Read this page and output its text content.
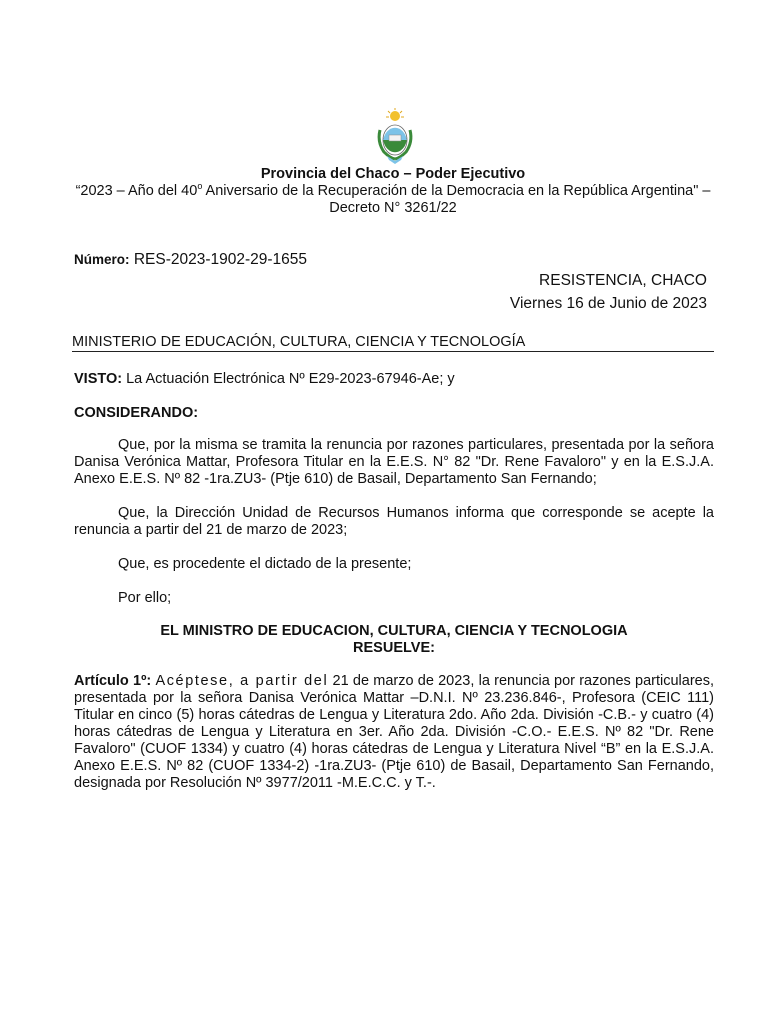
Provincia del Chaco – Poder Ejecutivo
“2023 – Año del 40$^o$ Aniversario de la Recuperación de la Democracia en la República Argentina" –Decreto N° 3261/22
Número: RES-2023-1902-29-1655
RESISTENCIA, CHACO
Viernes 16 de Junio de 2023
MINISTERIO DE EDUCACIÓN, CULTURA, CIENCIA Y TECNOLOGÍA
VISTO: La Actuación Electrónica Nº E29-2023-67946-Ae; y
CONSIDERANDO:

Que, por la misma se tramita la renuncia por razones particulares, presentada por la señora Danisa Verónica Mattar, Profesora Titular en la E.E.S. N° 82 "Dr. Rene Favaloro" y en la E.S.J.A. Anexo E.E.S. Nº 82 -1ra.ZU3- (Ptje 610) de Basail, Departamento San Fernando;

Que, la Dirección Unidad de Recursos Humanos informa que corresponde se acepte la renuncia a partir del 21 de marzo de 2023;

Que, es procedente el dictado de la presente;

Por ello;

EL MINISTRO DE EDUCACION, CULTURA, CIENCIA Y TECNOLOGIA
RESUELVE:

Artículo 1º: Acéptese, a partir del 21 de marzo de 2023, la renuncia por razones particulares, presentada por la señora Danisa Verónica Mattar –D.N.I. Nº 23.236.846-, Profesora (CEIC 111) Titular en cinco (5) horas cátedras de Lengua y Literatura 2do. Año 2da. División -C.B.- y cuatro (4) horas cátedras de Lengua y Literatura en 3er. Año 2da. División -C.O.- E.E.S. Nº 82 "Dr. Rene Favaloro" (CUOF 1334) y cuatro (4) horas cátedras de Lengua y Literatura Nivel “B” en la E.S.J.A. Anexo E.E.S. Nº 82 (CUOF 1334-2) -1ra.ZU3- (Ptje 610) de Basail, Departamento San Fernando, designada por Resolución Nº 3977/2011 -M.E.C.C. y T.-.
